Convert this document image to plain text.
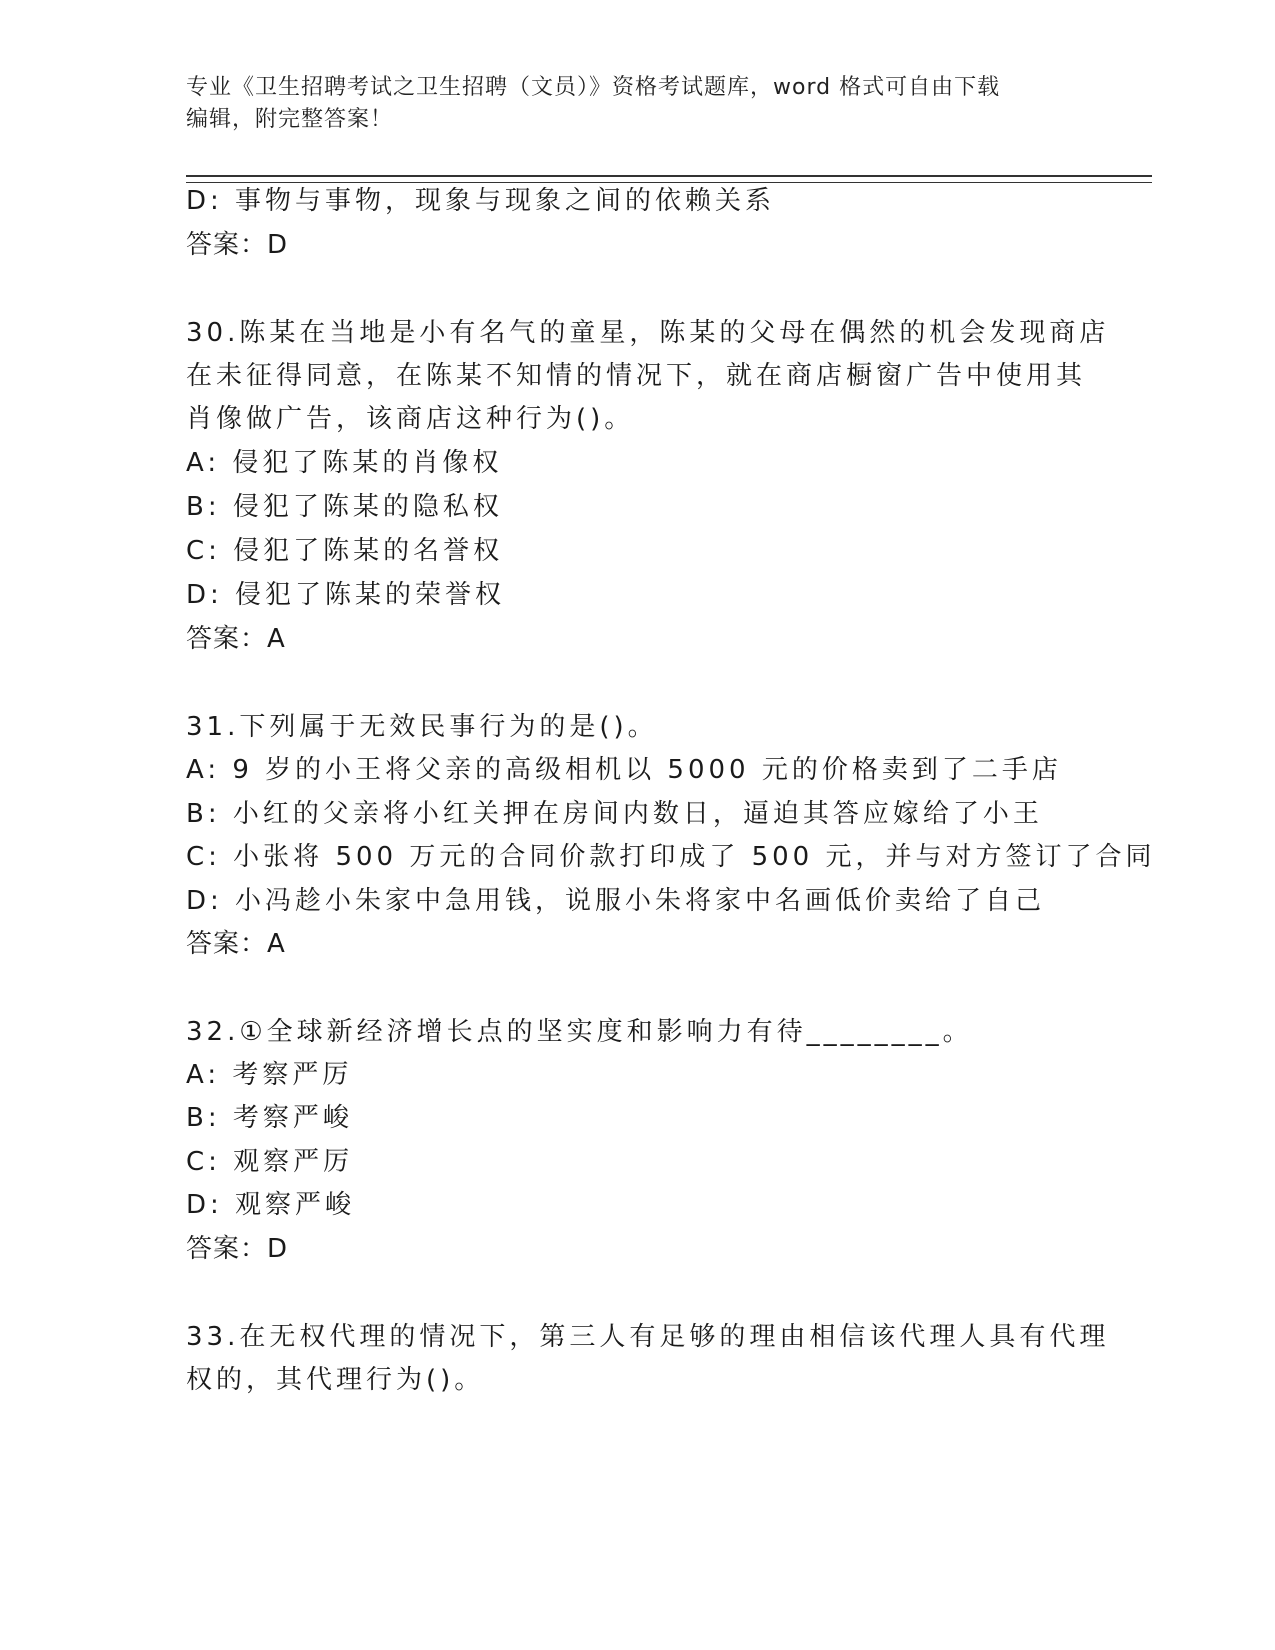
专业《卫生招聘考试之卫生招聘（文员）》资格考试题库，word 格式可自由下载
编辑，附完整答案！
D: 事物与事物，现象与现象之间的依赖关系
答案：D
30.陈某在当地是小有名气的童星，陈某的父母在偶然的机会发现商店
在未征得同意，在陈某不知情的情况下，就在商店橱窗广告中使用其
肖像做广告，该商店这种行为()。
A: 侵犯了陈某的肖像权
B: 侵犯了陈某的隐私权
C: 侵犯了陈某的名誉权
D: 侵犯了陈某的荣誉权
答案：A
31.下列属于无效民事行为的是()。
A: 9 岁的小王将父亲的高级相机以 5000 元的价格卖到了二手店
B: 小红的父亲将小红关押在房间内数日，逼迫其答应嫁给了小王
C: 小张将 500 万元的合同价款打印成了 500 元，并与对方签订了合同
D: 小冯趁小朱家中急用钱，说服小朱将家中名画低价卖给了自己
答案：A
32.①全球新经济增长点的坚实度和影响力有待________。
A: 考察严厉
B: 考察严峻
C: 观察严厉
D: 观察严峻
答案：D
33.在无权代理的情况下，第三人有足够的理由相信该代理人具有代理
权的，其代理行为()。
